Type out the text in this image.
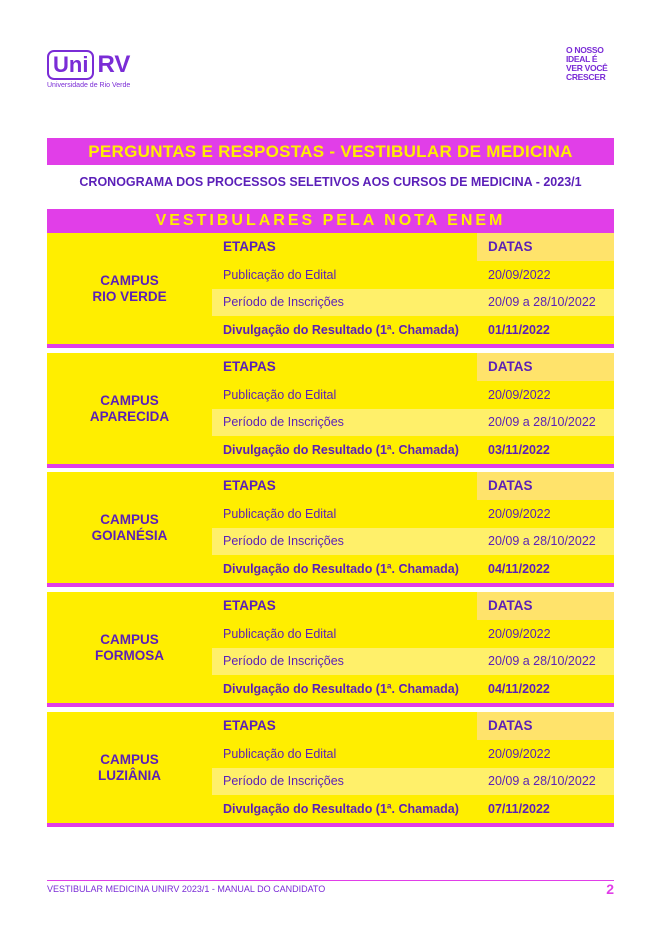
Uni RV
Universidade de Rio Verde
O NOSSO
IDEAL É
VER VOCÊ
CRESCER
PERGUNTAS E RESPOSTAS - VESTIBULAR DE MEDICINA
CRONOGRAMA DOS PROCESSOS SELETIVOS AOS CURSOS DE MEDICINA - 2023/1
VESTIBULARES PELA NOTA ENEM
CAMPUS
RIO VERDE
ETAPAS	DATAS
Publicação do Edital	20/09/2022
Período de Inscrições	20/09 a 28/10/2022
Divulgação do Resultado (1ª. Chamada)	01/11/2022
CAMPUS
APARECIDA
ETAPAS	DATAS
Publicação do Edital	20/09/2022
Período de Inscrições	20/09 a 28/10/2022
Divulgação do Resultado (1ª. Chamada)	03/11/2022
CAMPUS
GOIANÉSIA
ETAPAS	DATAS
Publicação do Edital	20/09/2022
Período de Inscrições	20/09 a 28/10/2022
Divulgação do Resultado (1ª. Chamada)	04/11/2022
CAMPUS
FORMOSA
ETAPAS	DATAS
Publicação do Edital	20/09/2022
Período de Inscrições	20/09 a 28/10/2022
Divulgação do Resultado (1ª. Chamada)	04/11/2022
CAMPUS
LUZIÂNIA
ETAPAS	DATAS
Publicação do Edital	20/09/2022
Período de Inscrições	20/09 a 28/10/2022
Divulgação do Resultado (1ª. Chamada)	07/11/2022
VESTIBULAR MEDICINA UNIRV 2023/1 - MANUAL DO CANDIDATO	2
